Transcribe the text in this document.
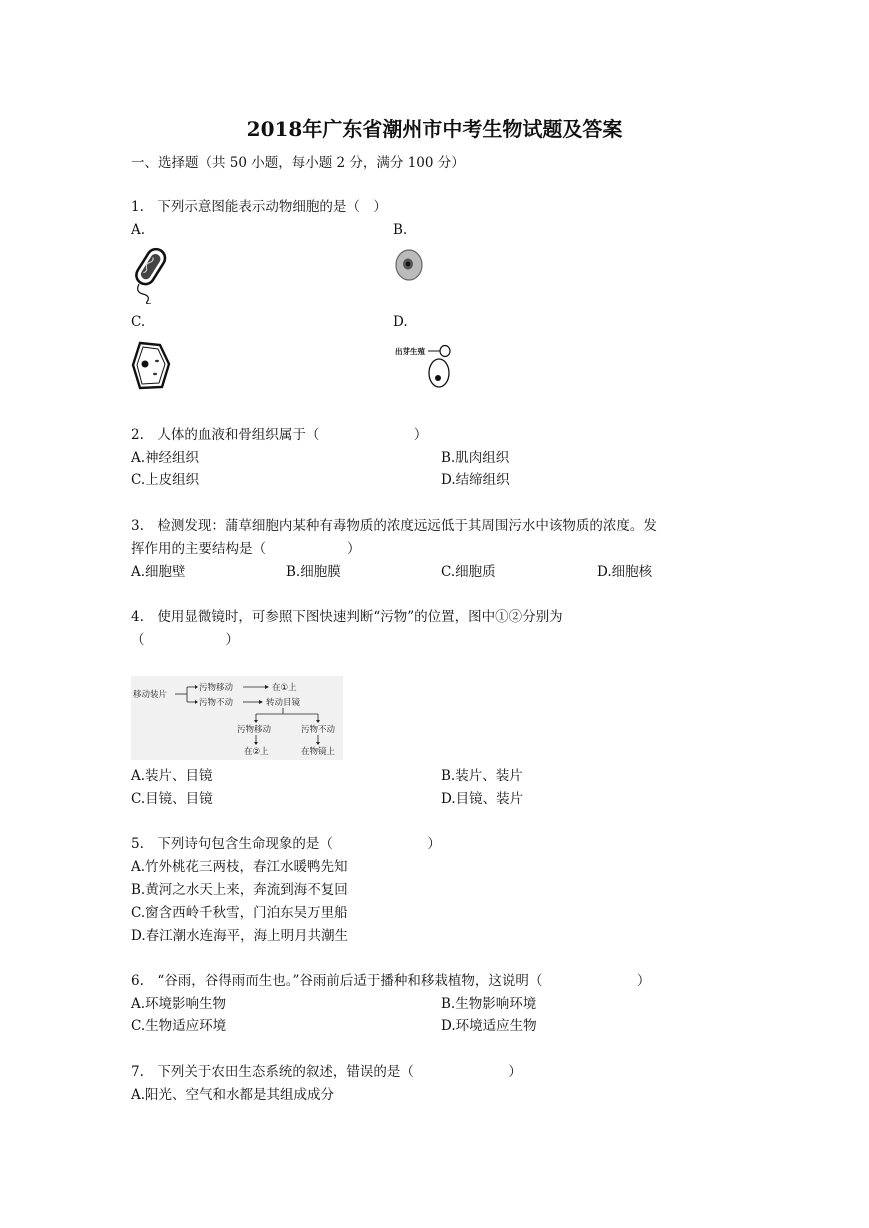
2018年广东省潮州市中考生物试题及答案
一、选择题（共 50 小题，每小题 2 分，满分 100 分）
1.　下列示意图能表示动物细胞的是（　）
A.	B.
C.	D.
出芽生殖
2.　人体的血液和骨组织属于（　　　　　　　）
A.神经组织	B.肌肉组织
C.上皮组织	D.结缔组织
3.　检测发现：蒲草细胞内某种有毒物质的浓度远远低于其周围污水中该物质的浓度。发
挥作用的主要结构是（　　　　　　）
A.细胞壁	B.细胞膜	C.细胞质	D.细胞核
4.　使用显微镜时，可参照下图快速判断“污物”的位置，图中①②分别为
（　　　　　　）
移动装片
污物移动
污物不动
在①上
转动目镜
污物移动	污物不动
在②上	在物镜上
A.装片、目镜	B.装片、装片
C.目镜、目镜	D.目镜、装片
5.　下列诗句包含生命现象的是（　　　　　　　）
A.竹外桃花三两枝，春江水暖鸭先知
B.黄河之水天上来，奔流到海不复回
C.窗含西岭千秋雪，门泊东吴万里船
D.春江潮水连海平，海上明月共潮生
6.　“谷雨，谷得雨而生也。”谷雨前后适于播种和移栽植物，这说明（　　　　　　　）
A.环境影响生物	B.生物影响环境
C.生物适应环境	D.环境适应生物
7.　下列关于农田生态系统的叙述，错误的是（　　　　　　　）
A.阳光、空气和水都是其组成成分
